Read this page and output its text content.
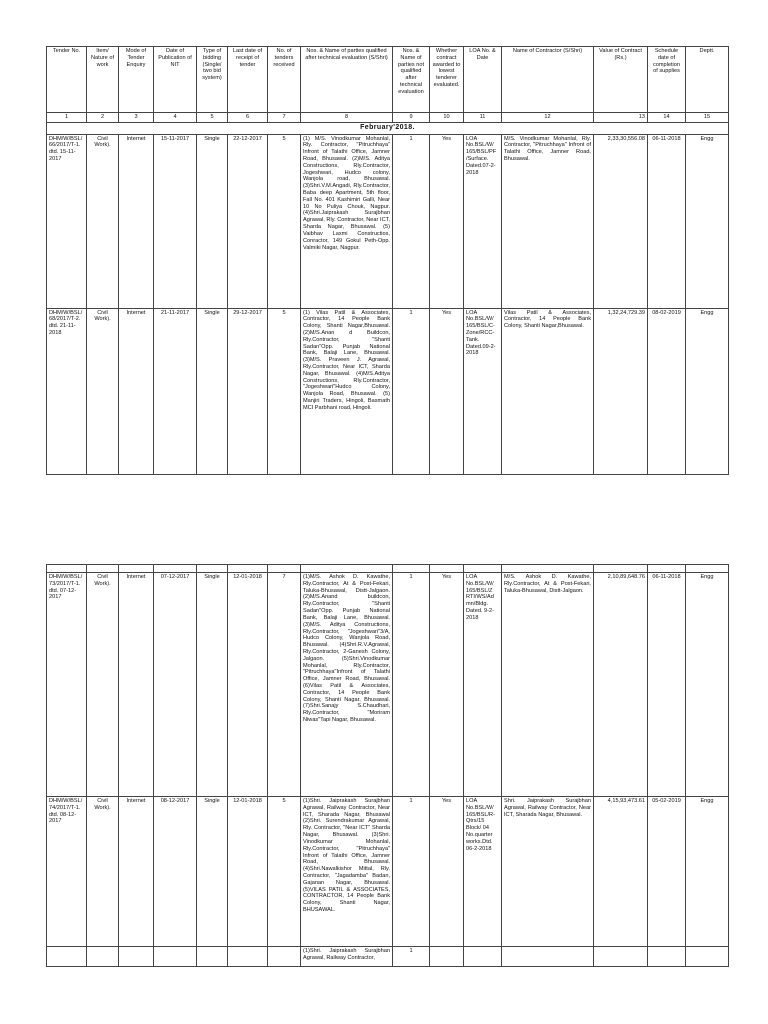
Tender No.	Item/ Nature of work	Mode of Tender Enquiry	Date of Publication of NIT	Type of bidding (Single/ two bid system)	Last date of receipt of tender	No. of tenders received	Nos. & Name of parties qualified after technical evaluation (S/Shri)	Nos. & Name of parties not qualified after technical evaluation	Whether contract awarded to lowest tenderer evaluated.	LOA No. & Date	Name of Contractor (S/Shri)	Value of Contract (Rs.)	Schedule date of completion of supplies	Deptt.
1	2	3	4	5	6	7	8	9	10	11	12	13	14	15
February'2018.														
DHM/W/BSL/ 66/2017/T-1. dtd. 15-11-2017	Civil Work).	Internet	15-11-2017	Single	22-12-2017	5	(1) M/S. Vinodkumar Mohanlal, Rly. Contractor, "Pitruchhaya" Infront of Talathi Office, Jamner Road, Bhusawal. (2)M/S. Aditya Constructions, Rly.Contractor, Jogeshwari, Hudco colony, Wanjola road, Bhusawal. (3)Shri.V.M.Angadi, Rly.Contractor, Baba deep Apartment, 5th floor, Fall No. 401 Kashimiri Galli, Near 10 No Puliya Chouk, Nagpur. (4)Shri.Jaiprakash Surajbhan Agrawal, Rly. Contractor, Near ICT, Sharda Nagar, Bhusawal. (5) Vaibhav Laxmi Constructios, Conractor, 149 Gokul Peth-Opp. Valmiki Nagar, Nagpur.	1	Yes	LOA No.BSL/W/ 165/BSL/PF /Surface. Dated.07-2-2018	M/S. Vinodkumar Mohanlal, Rly. Contractor, "Pitruchhaya" Infront of Talathi Office, Jamner Road, Bhusawal.	2,33,30,556.08	06-11-2018	Engg
DHM/W/BSL/ 68/2017/T-2. dtd. 21-11-2018	Civil Work).	Internet	21-11-2017	Single	29-12-2017	5	(1) Vilas Patil & Associates, Contractor, 14 People Bank Colony, Shanti Nagar,Bhusawal.(2)M/S.Anan d Buildcon, Rly.Contractor, "Shanti Sadan"Opp. Punjab National Bank, Balaji Lane, Bhusawal. (3)M/S. Praveen J. Agrawal, Rly.Contractor, Near ICT, Sharda Nagar, Bhusawal. (4)M/S.Aditya Constructions, Rly.Contractor, "Jogeshwari"Hudco Colony, Wanjola Road, Bhusawal. (5) Manjiri Traders, Hingoli, Basmath MCI Parbhani road, Hingoli.	1	Yes	LOA No.BSL/W/ 165/BSL/C-Zone/RCC-Tank. Dated.09-2-2018	Vilas Patil & Associates, Contractor, 14 People Bank Colony, Shanti Nagar,Bhusawal.	1,32,24,729.39	08-02-2019	Engg

DHM/W/BSL/ 73/2017/T-1. dtd. 07-12-2017	Civil Work).	Internet	07-12-2017	Single	12-01-2018	7	(1)M/S. Ashok D. Kawathe, Rly.Contractor, At & Post-Fekari, Taluka-Bhusawal, Distt-Jalgaon. (2)M/S.Anand buildcon, Rly.Contractor, "Shanti Sadan"Opp. Punjab National Bank, Balaji Lane, Bhusawal. (3)M/S. Aditya Constructions, Rly.Contractor, "Jogeshwari"3/A, Hudco Colony, Wanjola Road, Bhusawal. (4)Shri.R.V.Agrawal, Rly.Contractor, 2-Ganesh Colony, Jalgaon. (5)Shri.Vinodkumar Mohanlal, Rly.Contractor, "Pitruchhaya"Infront of Talathi Office, Jamner Road, Bhusawal. (6)Vilas Patil & Associates, Contractor, 14 People Bank Colony, Shanti Nagar, Bhusawal. (7)Shri.Sanajy S.Chaudhari, Rly.Contractor, "Moriram Niwas"Tapi Nagar, Bhusawal.	1	Yes	LOA No.BSL/W/ 165/BSL/Z RTI/WS/Ad mn/Bldg. Dated. 9-2-2018	M/S. Ashok D. Kawathe, Rly.Contractor, At & Post-Fekari, Taluka-Bhusawal, Distt-Jalgaon.	2,10,89,648.76	06-11-2018	Engg
DHM/W/BSL/ 74/2017/T-1. dtd. 08-12-2017	Civil Work).	Internet	08-12-2017	Single	12-01-2018	5	(1)Shri. Jaiprakash Surajbhan Agrawal, Railway Contractor, Near ICT, Sharada Nagar, Bhusawal (2)Shri. Surendrakumar Agrawal, Rly. Contractor, "Near ICT" Sharda Nagar, Bhusawal. (3)Shri. Vinodkumar Mohanlal, Rly.Contractor, "Pitruchhaya" Infront of Talathi Office, Jamner Road, Bhusawal. (4)Shri.Nawalkishor Mittal, Rly. Contractor, "Jagadamba" Badan, Gajanan Nagar, Bhusawal.(5)VILAS PATIL & ASSOCIATES, CONTRACTOR, 14 People Bank Colony, Shanti Nagar, BHUSAWAL.	1	Yes	LOA No.BSL/W/ 165/BSL/R-Qtrs/15 Block/ 04 No.quarter works.Dtd. 06-2-2018	Shri. Jaiprakash Surajbhan Agrawal, Railway Contractor, Near ICT, Sharada Nagar, Bhusawal.	4,15,93,473.61	05-02-2019	Engg
							(1)Shri. Jaiprakash Surajbhan Agrawal, Railway Contractor,	1						
